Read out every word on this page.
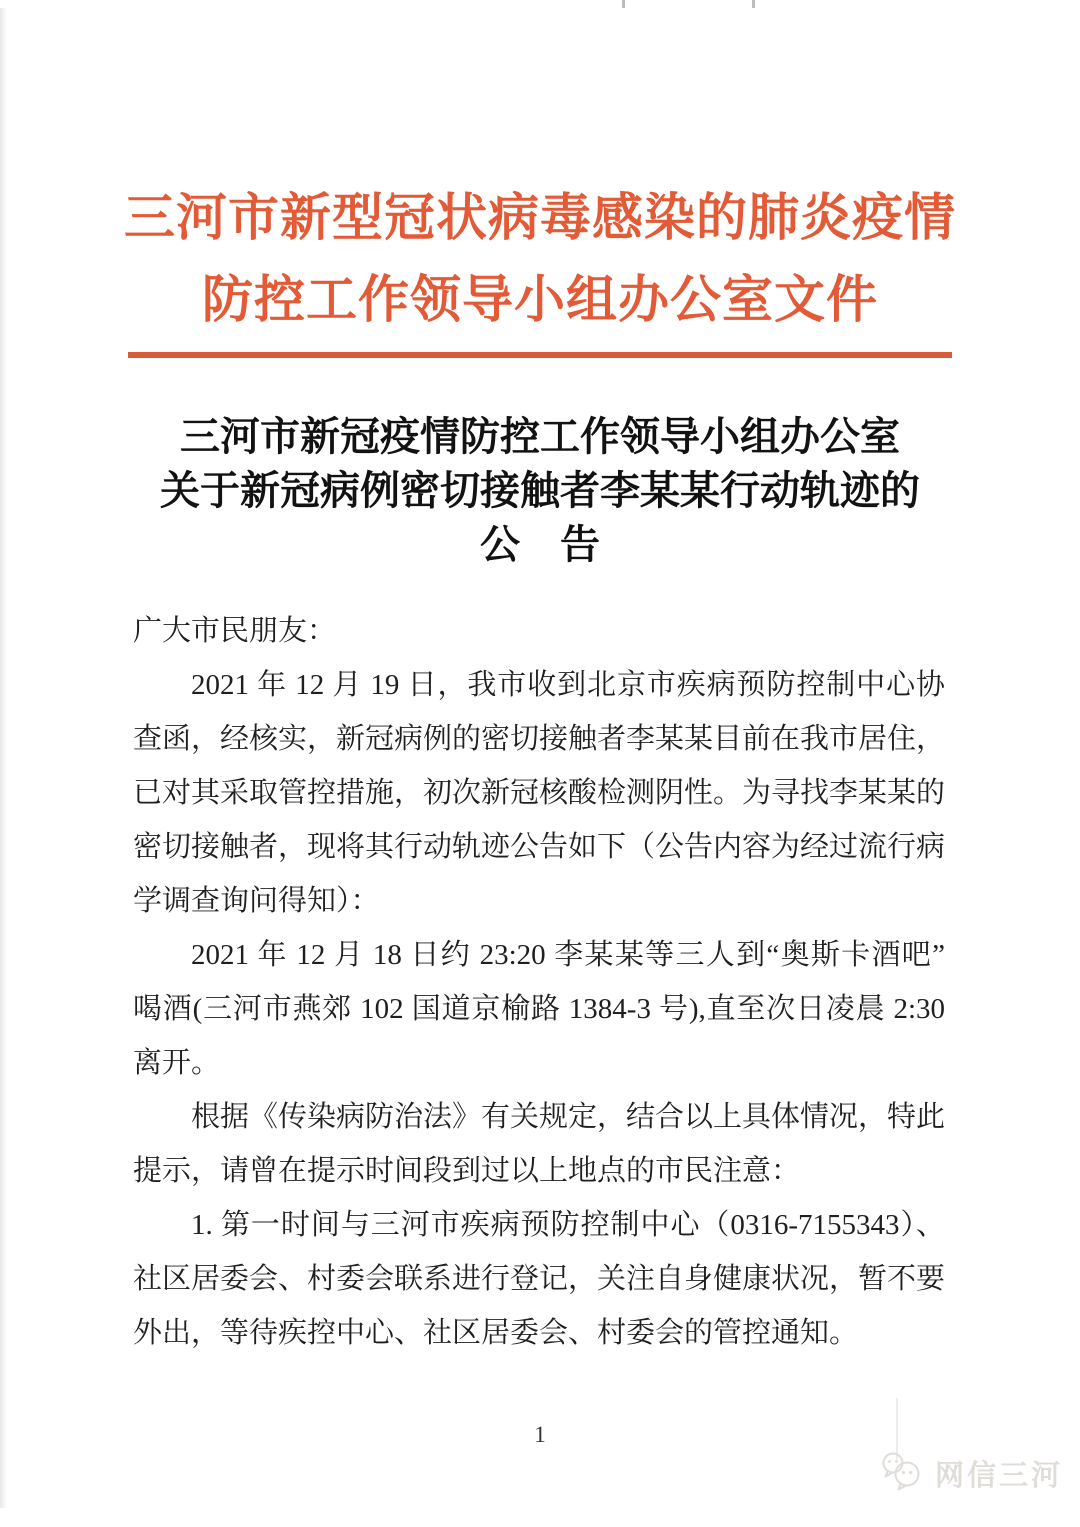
三河市新型冠状病毒感染的肺炎疫情
防控工作领导小组办公室文件
三河市新冠疫情防控工作领导小组办公室
关于新冠病例密切接触者李某某行动轨迹的
公　告

广大市民朋友：

2021 年 12 月 19 日，我市收到北京市疾病预防控制中心协

查函，经核实，新冠病例的密切接触者李某某目前在我市居住，

已对其采取管控措施，初次新冠核酸检测阴性。为寻找李某某的

密切接触者，现将其行动轨迹公告如下（公告内容为经过流行病

学调查询问得知）：

2021 年 12 月 18 日约 23:20 李某某等三人到“奥斯卡酒吧”

喝酒(三河市燕郊 102 国道京榆路 1384-3 号),直至次日凌晨 2:30

离开。

根据《传染病防治法》有关规定，结合以上具体情况，特此

提示，请曾在提示时间段到过以上地点的市民注意：

1. 第一时间与三河市疾病预防控制中心（0316-7155343）、

社区居委会、村委会联系进行登记，关注自身健康状况，暂不要

外出，等待疾控中心、社区居委会、村委会的管控通知。

1
网信三河
